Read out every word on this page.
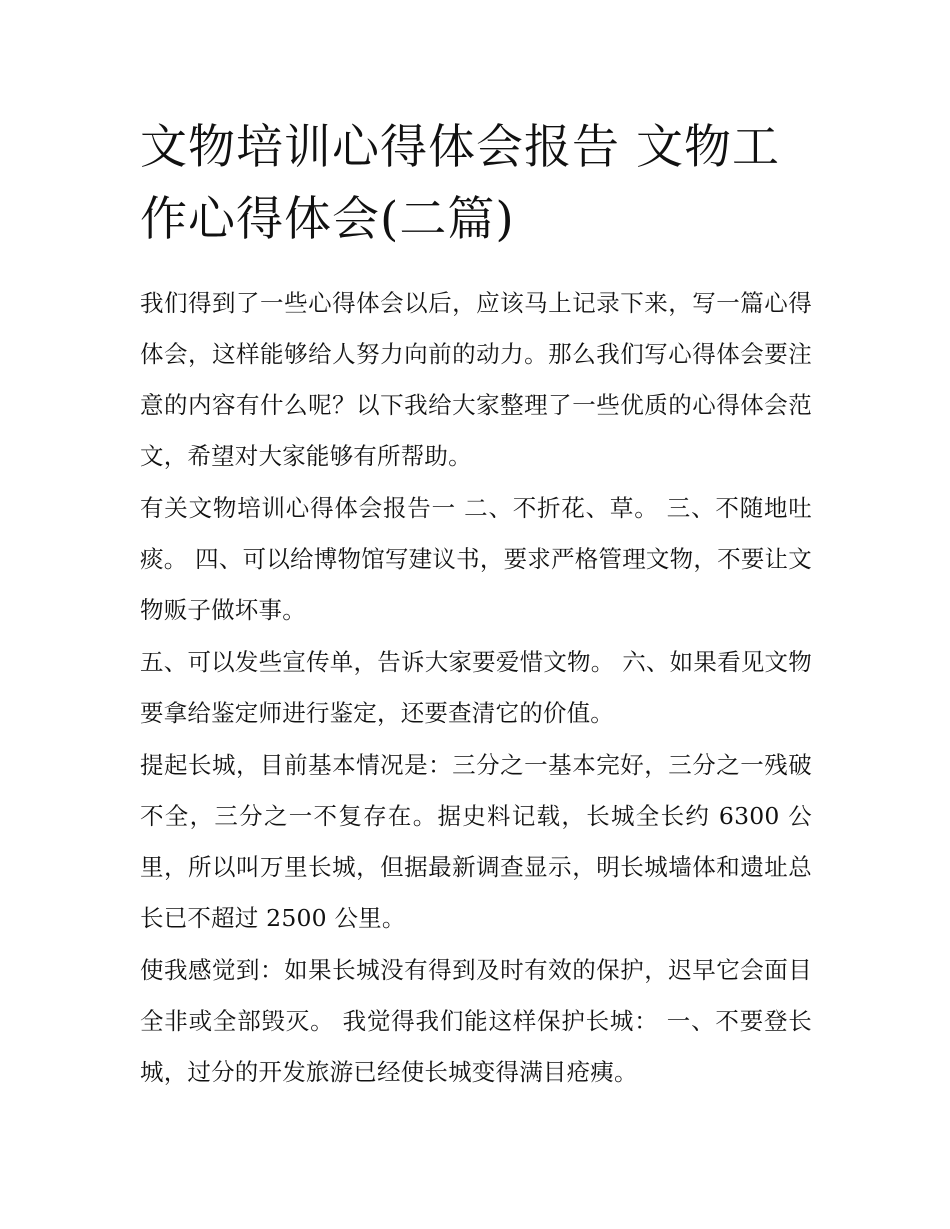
文物培训心得体会报告 文物工作心得体会(二篇)

我们得到了一些心得体会以后，应该马上记录下来，写一篇心得体会，这样能够给人努力向前的动力。那么我们写心得体会要注意的内容有什么呢？以下我给大家整理了一些优质的心得体会范文，希望对大家能够有所帮助。

有关文物培训心得体会报告一 二、不折花、草。 三、不随地吐痰。 四、可以给博物馆写建议书，要求严格管理文物，不要让文物贩子做坏事。

五、可以发些宣传单，告诉大家要爱惜文物。 六、如果看见文物要拿给鉴定师进行鉴定，还要查清它的价值。

提起长城，目前基本情况是：三分之一基本完好，三分之一残破不全，三分之一不复存在。据史料记载，长城全长约 6300 公里，所以叫万里长城，但据最新调查显示，明长城墙体和遗址总长已不超过 2500 公里。

使我感觉到：如果长城没有得到及时有效的保护，迟早它会面目全非或全部毁灭。 我觉得我们能这样保护长城： 一、不要登长城，过分的开发旅游已经使长城变得满目疮痍。
